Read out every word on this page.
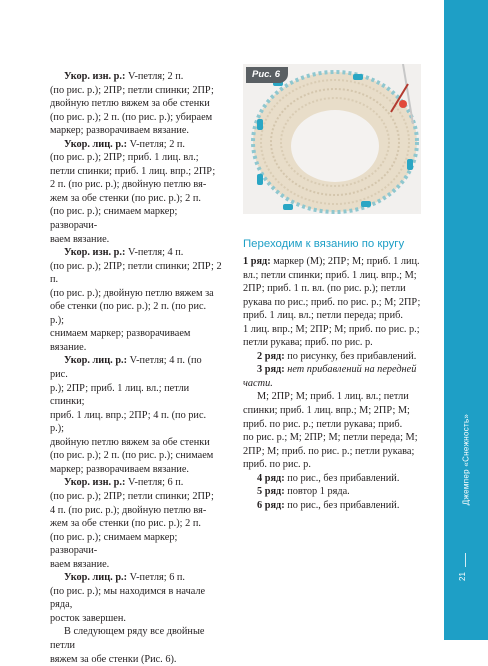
Укор. изн. р.: V-петля; 2 п.

(по рис. р.); 2ПР; петли спинки; 2ПР;

двойную петлю вяжем за обе стенки

(по рис. р.); 2 п. (по рис. р.); убираем

маркер; разворачиваем вязание.

Укор. лиц. р.: V-петля; 2 п.

(по рис. р.); 2ПР; приб. 1 лиц. вл.;

петли спинки; приб. 1 лиц. впр.; 2ПР;

2 п. (по рис. р.); двойную петлю вя-

жем за обе стенки (по рис. р.); 2 п.

(по рис. р.); снимаем маркер; разворачи-

ваем вязание.

Укор. изн. р.: V-петля; 4 п.

(по рис. р.); 2ПР; петли спинки; 2ПР; 2 п.

(по рис. р.); двойную петлю вяжем за

обе стенки (по рис. р.); 2 п. (по рис. р.);

снимаем маркер; разворачиваем вязание.

Укор. лиц. р.: V-петля; 4 п. (по рис.

р.); 2ПР; приб. 1 лиц. вл.; петли спинки;

приб. 1 лиц. впр.; 2ПР; 4 п. (по рис. р.);

двойную петлю вяжем за обе стенки

(по рис. р.); 2 п. (по рис. р.); снимаем

маркер; разворачиваем вязание.

Укор. изн. р.: V-петля; 6 п.

(по рис. р.); 2ПР; петли спинки; 2ПР;

4 п. (по рис. р.); двойную петлю вя-

жем за обе стенки (по рис. р.); 2 п.

(по рис. р.); снимаем маркер; разворачи-

ваем вязание.

Укор. лиц. р.: V-петля; 6 п.

(по рис. р.); мы находимся в начале ряда,

росток завершен.

В следующем ряду все двойные петли

вяжем за обе стенки (Рис. 6).

Рис. 6

Переходим к вязанию по кругу

1 ряд: маркер (М); 2ПР; М; приб. 1 лиц.

вл.; петли спинки; приб. 1 лиц. впр.; М;

2ПР; приб. 1 п. вл. (по рис. р.); петли

рукава по рис.; приб. по рис. р.; М; 2ПР;

приб. 1 лиц. вл.; петли переда; приб.

1 лиц. впр.; М; 2ПР; М; приб. по рис. р.;

петли рукава; приб. по рис. р.

2 ряд: по рисунку, без прибавлений.

3 ряд: нет прибавлений на передней

части.

М; 2ПР; М; приб. 1 лиц. вл.; петли

спинки; приб. 1 лиц. впр.; М; 2ПР; М;

приб. по рис. р.; петли рукава; приб.

по рис. р.; М; 2ПР; М; петли переда; М;

2ПР; М; приб. по рис. р.; петли рукава;

приб. по рис. р.

4 ряд: по рис., без прибавлений.

5 ряд: повтор 1 ряда.

6 ряд: по рис., без прибавлений.

Джемпер «Снежность»
21
